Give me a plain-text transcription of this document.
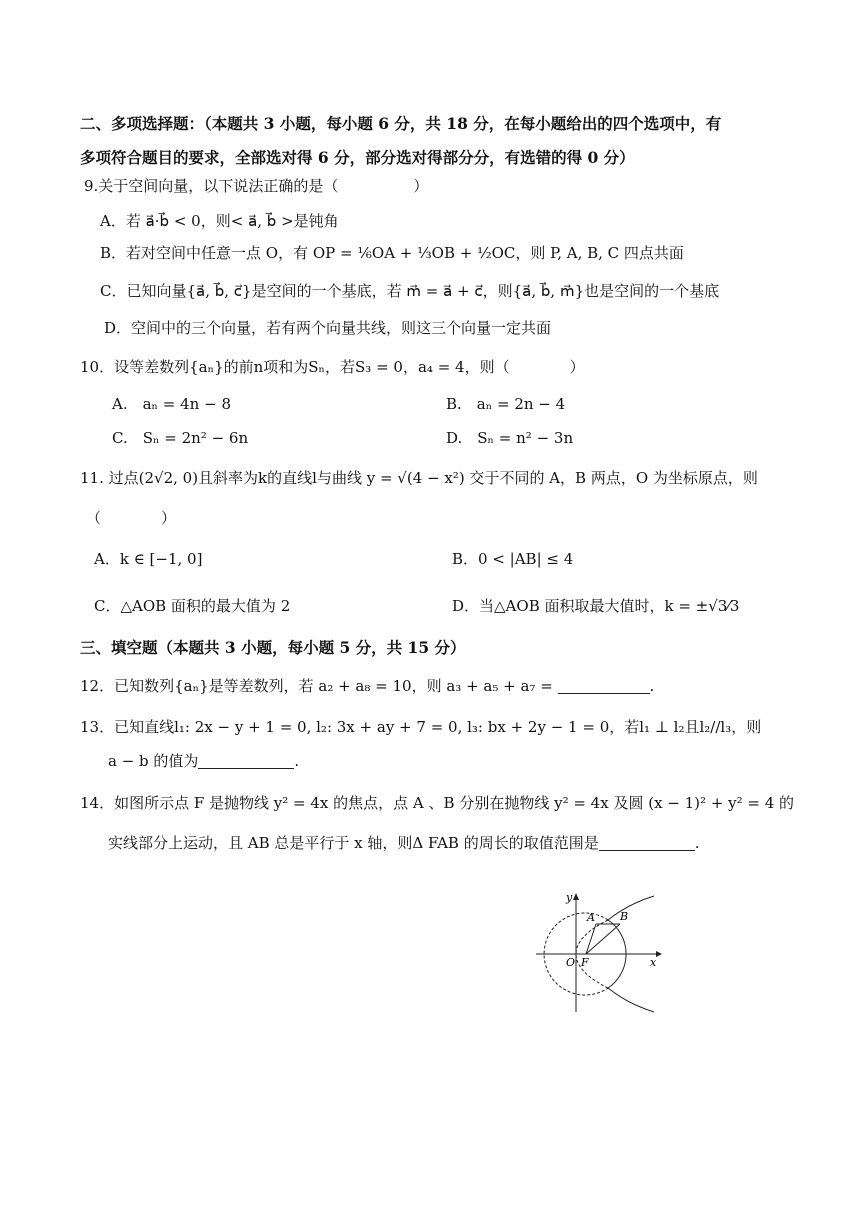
二、多项选择题：（本题共 3 小题，每小题 6 分，共 18 分，在每小题给出的四个选项中，有
多项符合题目的要求，全部选对得 6 分，部分选对得部分分，有选错的得 0 分）
9.关于空间向量，以下说法正确的是（　　　　　）
A．若 a⃗·b⃗ < 0，则< a⃗, b⃗ >是钝角
B．若对空间中任意一点 O，有 OP = ⅙OA + ⅓OB + ½OC，则 P, A, B, C 四点共面
C．已知向量{a⃗, b⃗, c⃗}是空间的一个基底，若 m⃗ = a⃗ + c⃗，则{a⃗, b⃗, m⃗}也是空间的一个基底
D．空间中的三个向量，若有两个向量共线，则这三个向量一定共面
10．设等差数列{aₙ}的前n项和为Sₙ，若S₃ = 0，a₄ = 4，则（　　　　）
A.　aₙ = 4n − 8	B.　aₙ = 2n − 4
C.　Sₙ = 2n² − 6n	D.　Sₙ = n² − 3n
11. 过点(2√2, 0)且斜率为k的直线l与曲线 y = √(4 − x²) 交于不同的 A，B 两点，O 为坐标原点，则
（　　　　）
A．k ∈ [−1, 0]	B．0 < |AB| ≤ 4
C．△AOB 面积的最大值为 2	D．当△AOB 面积取最大值时，k = ±√3⁄3
三、填空题（本题共 3 小题，每小题 5 分，共 15 分）
12．已知数列{aₙ}是等差数列，若 a₂ + a₈ = 10，则 a₃ + a₅ + a₇ =	.
13．已知直线l₁: 2x − y + 1 = 0, l₂: 3x + ay + 7 = 0, l₃: bx + 2y − 1 = 0，若l₁ ⊥ l₂且l₂//l₃，则
a − b 的值为	.
14．如图所示点 F 是抛物线 y² = 4x 的焦点，点 A 、B 分别在抛物线 y² = 4x 及圆 (x − 1)² + y² = 4 的
实线部分上运动，且 AB 总是平行于 x 轴，则Δ FAB 的周长的取值范围是	.
y
x
O F
A B
